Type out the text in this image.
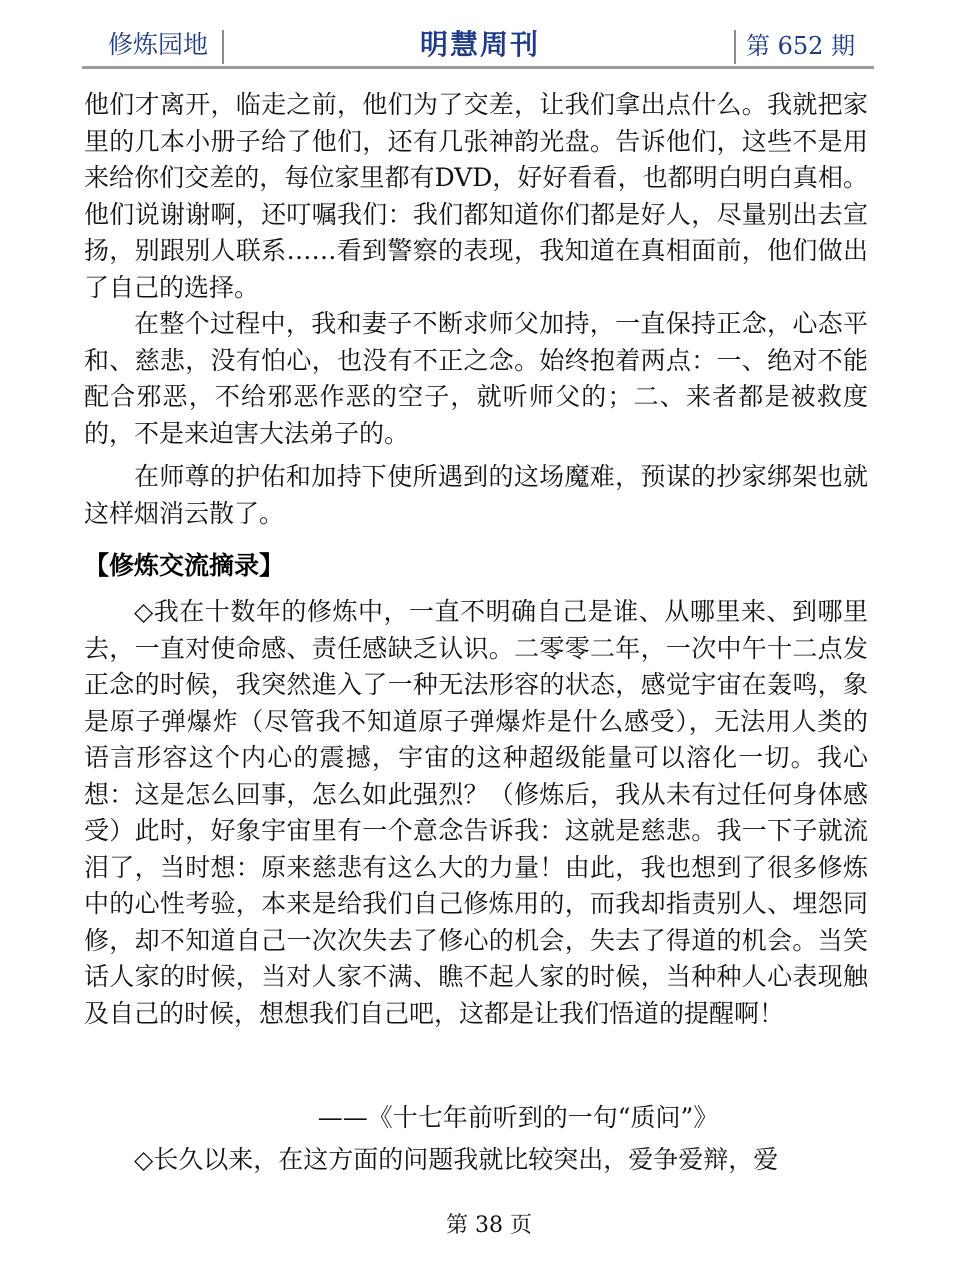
修炼园地	明慧周刊	第 652 期
他们才离开，临走之前，他们为了交差，让我们拿出点什么。我就把家里的几本小册子给了他们，还有几张神韵光盘。告诉他们，这些不是用来给你们交差的，每位家里都有DVD，好好看看，也都明白明白真相。他们说谢谢啊，还叮嘱我们：我们都知道你们都是好人，尽量别出去宣扬，别跟别人联系……看到警察的表现，我知道在真相面前，他们做出了自己的选择。
在整个过程中，我和妻子不断求师父加持，一直保持正念，心态平和、慈悲，没有怕心，也没有不正之念。始终抱着两点：一、绝对不能配合邪恶，不给邪恶作恶的空子，就听师父的；二、来者都是被救度的，不是来迫害大法弟子的。
在师尊的护佑和加持下使所遇到的这场魔难，预谋的抄家绑架也就这样烟消云散了。
【修炼交流摘录】
◇我在十数年的修炼中，一直不明确自己是谁、从哪里来、到哪里去，一直对使命感、责任感缺乏认识。二零零二年，一次中午十二点发正念的时候，我突然進入了一种无法形容的状态，感觉宇宙在轰鸣，象是原子弹爆炸（尽管我不知道原子弹爆炸是什么感受），无法用人类的语言形容这个内心的震撼，宇宙的这种超级能量可以溶化一切。我心想：这是怎么回事，怎么如此强烈？（修炼后，我从未有过任何身体感受）此时，好象宇宙里有一个意念告诉我：这就是慈悲。我一下子就流泪了，当时想：原来慈悲有这么大的力量！由此，我也想到了很多修炼中的心性考验，本来是给我们自己修炼用的，而我却指责别人、埋怨同修，却不知道自己一次次失去了修心的机会，失去了得道的机会。当笑话人家的时候，当对人家不满、瞧不起人家的时候，当种种人心表现触及自己的时候，想想我们自己吧，这都是让我们悟道的提醒啊！
——《十七年前听到的一句“质问”》
◇长久以来，在这方面的问题我就比较突出，爱争爱辩，爱
第 38 页
